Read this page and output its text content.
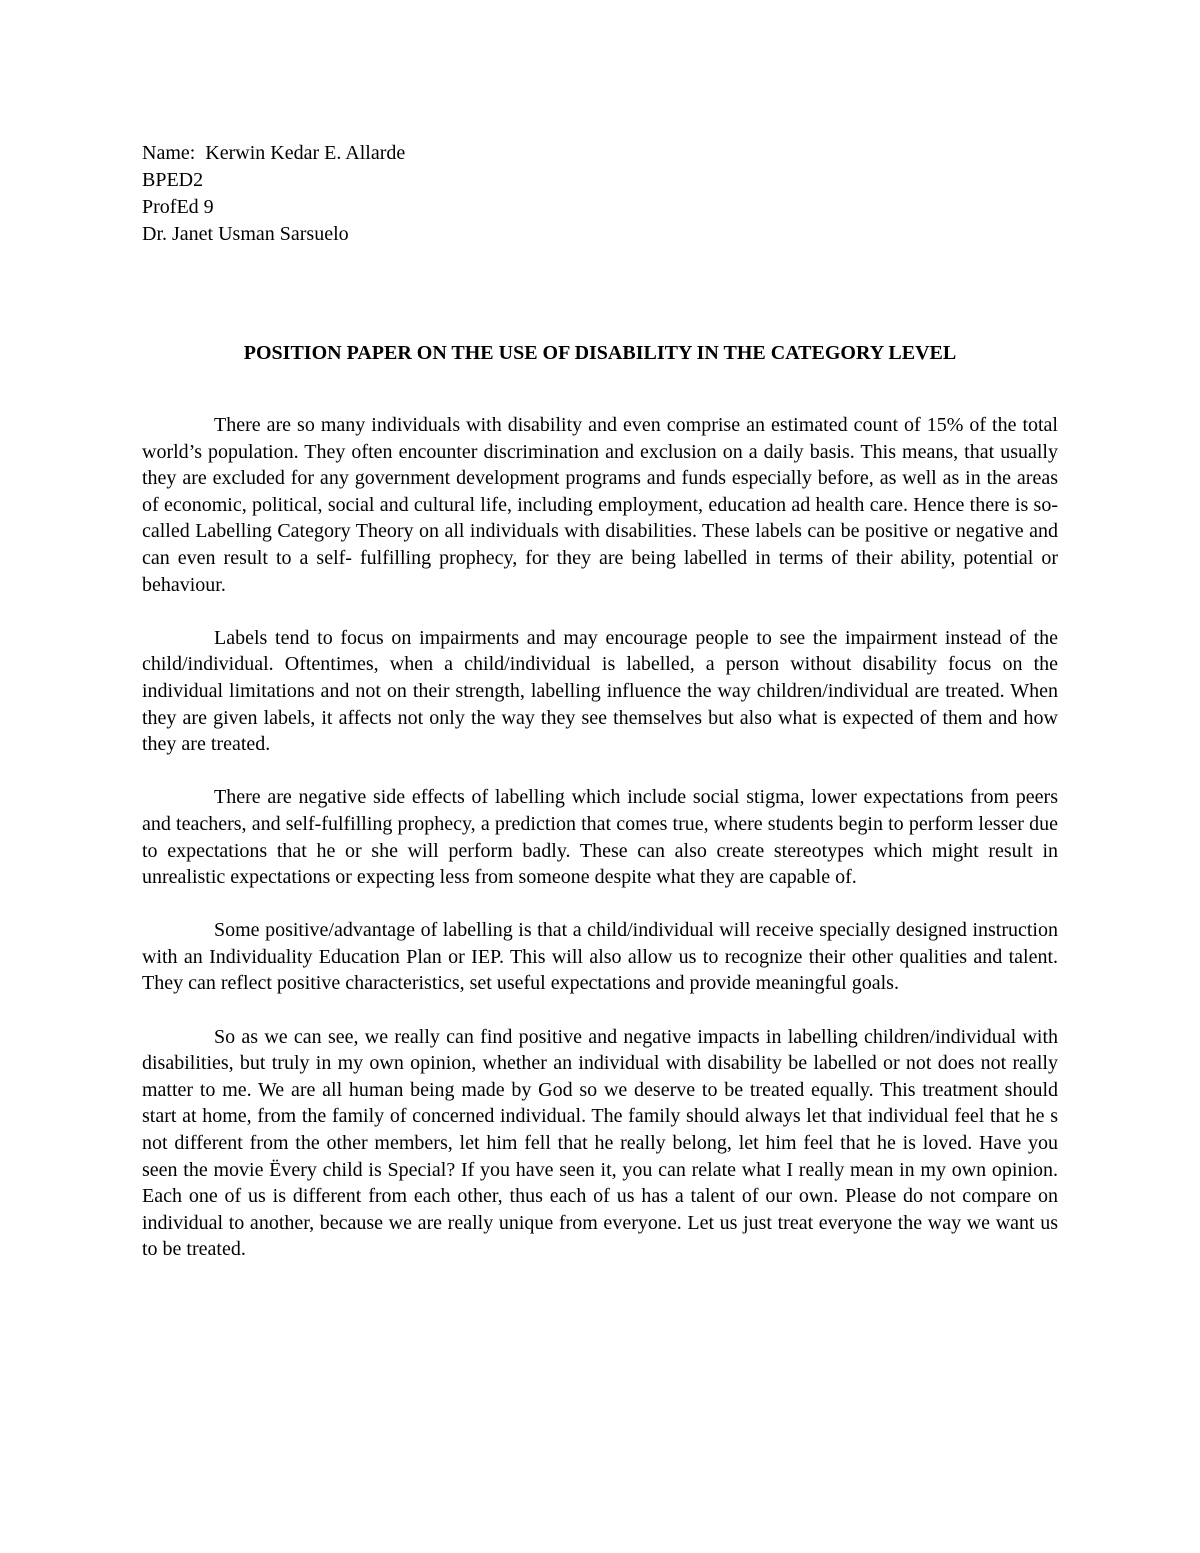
Name:  Kerwin Kedar E. Allarde
BPED2
ProfEd 9
Dr. Janet Usman Sarsuelo
POSITION PAPER ON THE USE OF DISABILITY IN THE CATEGORY LEVEL

There are so many individuals with disability and even comprise an estimated count of 15% of the total world’s population. They often encounter discrimination and exclusion on a daily basis. This means, that usually they are excluded for any government development programs and funds especially before, as well as in the areas of economic, political, social and cultural life, including employment, education ad health care. Hence there is so-called Labelling Category Theory on all individuals with disabilities. These labels can be positive or negative and can even result to a self- fulfilling prophecy, for they are being labelled in terms of their ability, potential or behaviour.

Labels tend to focus on impairments and may encourage people to see the impairment instead of the child/individual. Oftentimes, when a child/individual is labelled, a person without disability focus on the individual limitations and not on their strength, labelling influence the way children/individual are treated. When they are given labels, it affects not only the way they see themselves but also what is expected of them and how they are treated.

There are negative side effects of labelling which include social stigma, lower expectations from peers and teachers, and self-fulfilling prophecy, a prediction that comes true, where students begin to perform lesser due to expectations that he or she will perform badly. These can also create stereotypes which might result in unrealistic expectations or expecting less from someone despite what they are capable of.

Some positive/advantage of labelling is that a child/individual will receive specially designed instruction with an Individuality Education Plan or IEP. This will also allow us to recognize their other qualities and talent. They can reflect positive characteristics, set useful expectations and provide meaningful goals.

So as we can see, we really can find positive and negative impacts in labelling children/individual with disabilities, but truly in my own opinion, whether an individual with disability be labelled or not does not really matter to me. We are all human being made by God so we deserve to be treated equally. This treatment should start at home, from the family of concerned individual. The family should always let that individual feel that he s not different from the other members, let him fell that he really belong, let him feel that he is loved. Have you seen the movie Ëvery child is Special? If you have seen it, you can relate what I really mean in my own opinion. Each one of us is different from each other, thus each of us has a talent of our own. Please do not compare on individual to another, because we are really unique from everyone. Let us just treat everyone the way we want us to be treated.
